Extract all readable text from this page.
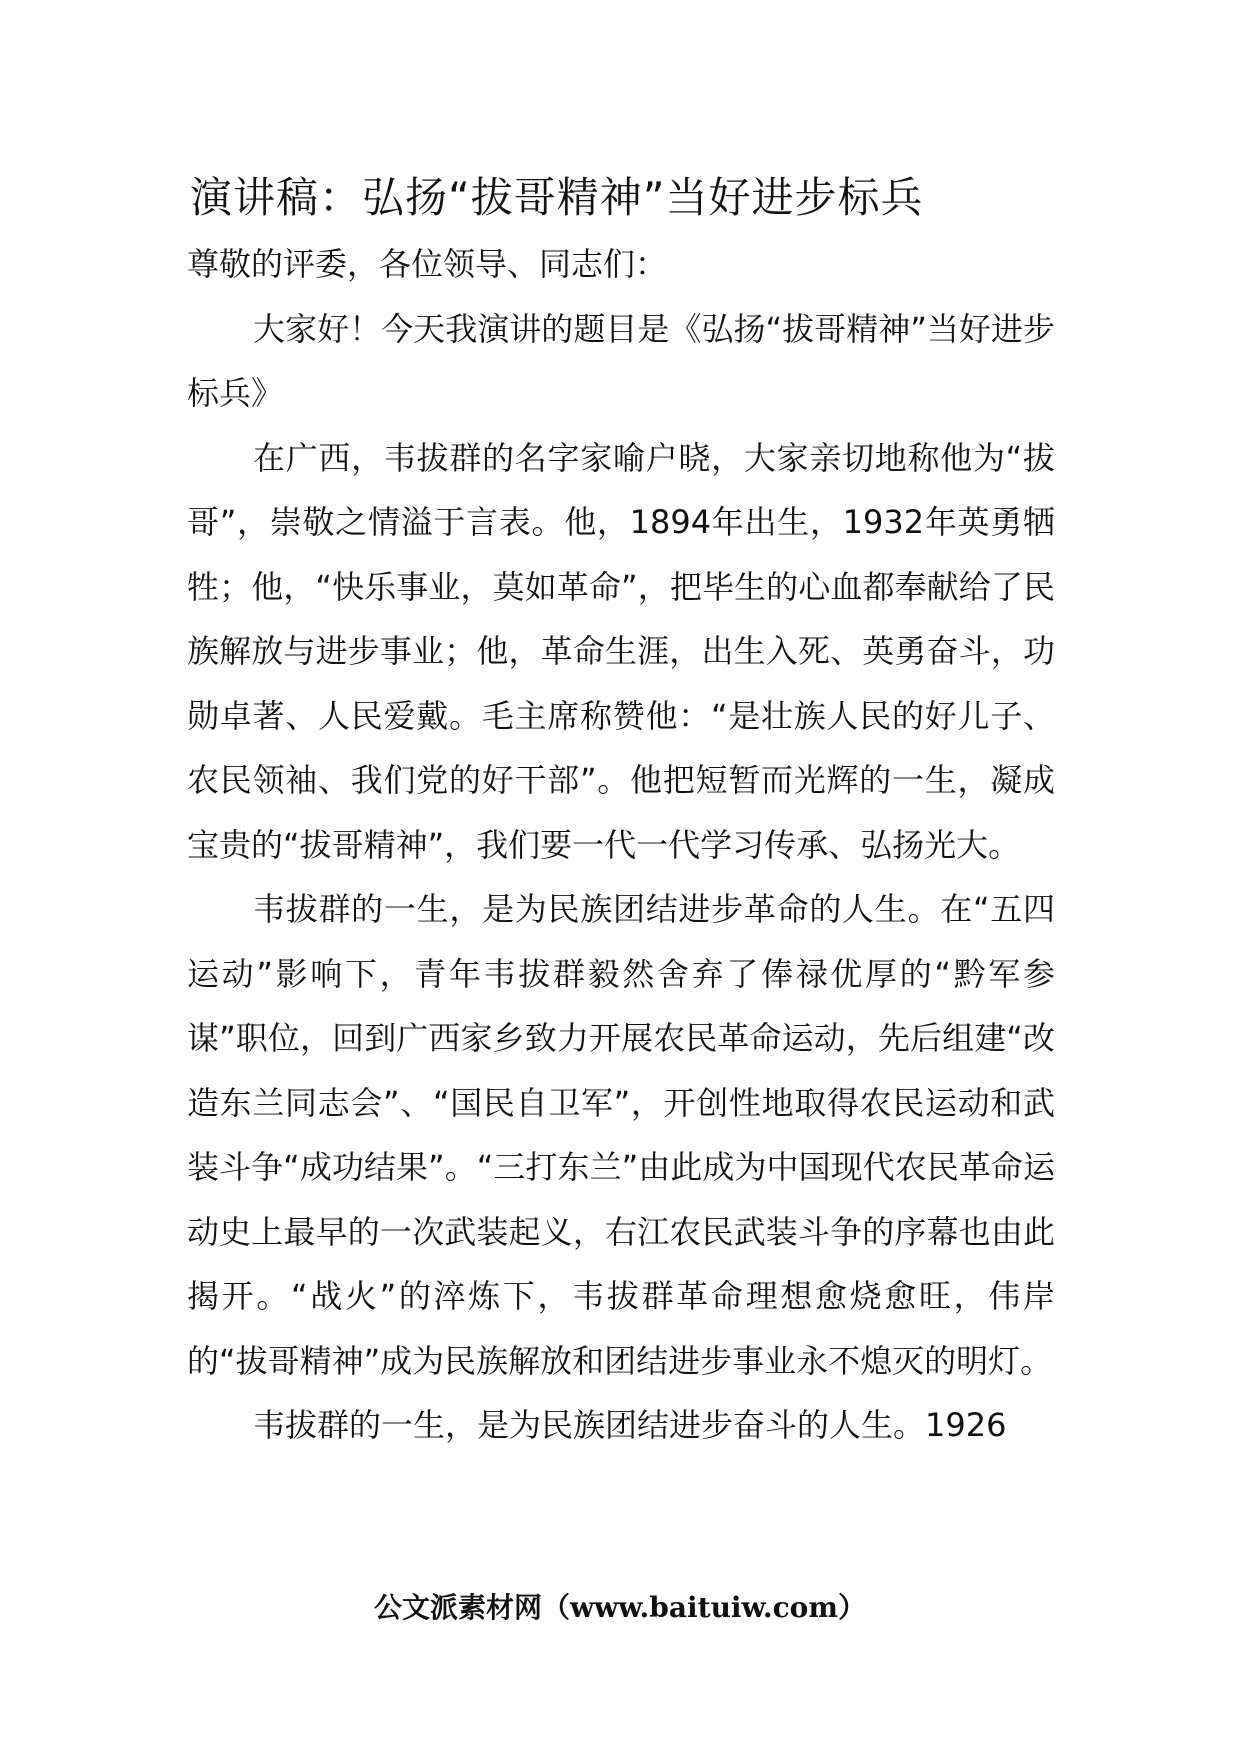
演讲稿：弘扬“拔哥精神”当好进步标兵

尊敬的评委，各位领导、同志们：

大家好！今天我演讲的题目是《弘扬“拔哥精神”当好进步标兵》

在广西，韦拔群的名字家喻户晓，大家亲切地称他为“拔哥”，崇敬之情溢于言表。他，1894年出生，1932年英勇牺牲；他，“快乐事业，莫如革命”，把毕生的心血都奉献给了民族解放与进步事业；他，革命生涯，出生入死、英勇奋斗，功勋卓著、人民爱戴。毛主席称赞他：“是壮族人民的好儿子、农民领袖、我们党的好干部”。他把短暂而光辉的一生，凝成宝贵的“拔哥精神”，我们要一代一代学习传承、弘扬光大。

韦拔群的一生，是为民族团结进步革命的人生。在“五四运动”影响下，青年韦拔群毅然舍弃了俸禄优厚的“黔军参谋”职位，回到广西家乡致力开展农民革命运动，先后组建“改造东兰同志会”、“国民自卫军”，开创性地取得农民运动和武装斗争“成功结果”。“三打东兰”由此成为中国现代农民革命运动史上最早的一次武装起义，右江农民武装斗争的序幕也由此揭开。“战火”的淬炼下，韦拔群革命理想愈烧愈旺，伟岸的“拔哥精神”成为民族解放和团结进步事业永不熄灭的明灯。

韦拔群的一生，是为民族团结进步奋斗的人生。1926

公文派素材网（www.baituiw.com）
